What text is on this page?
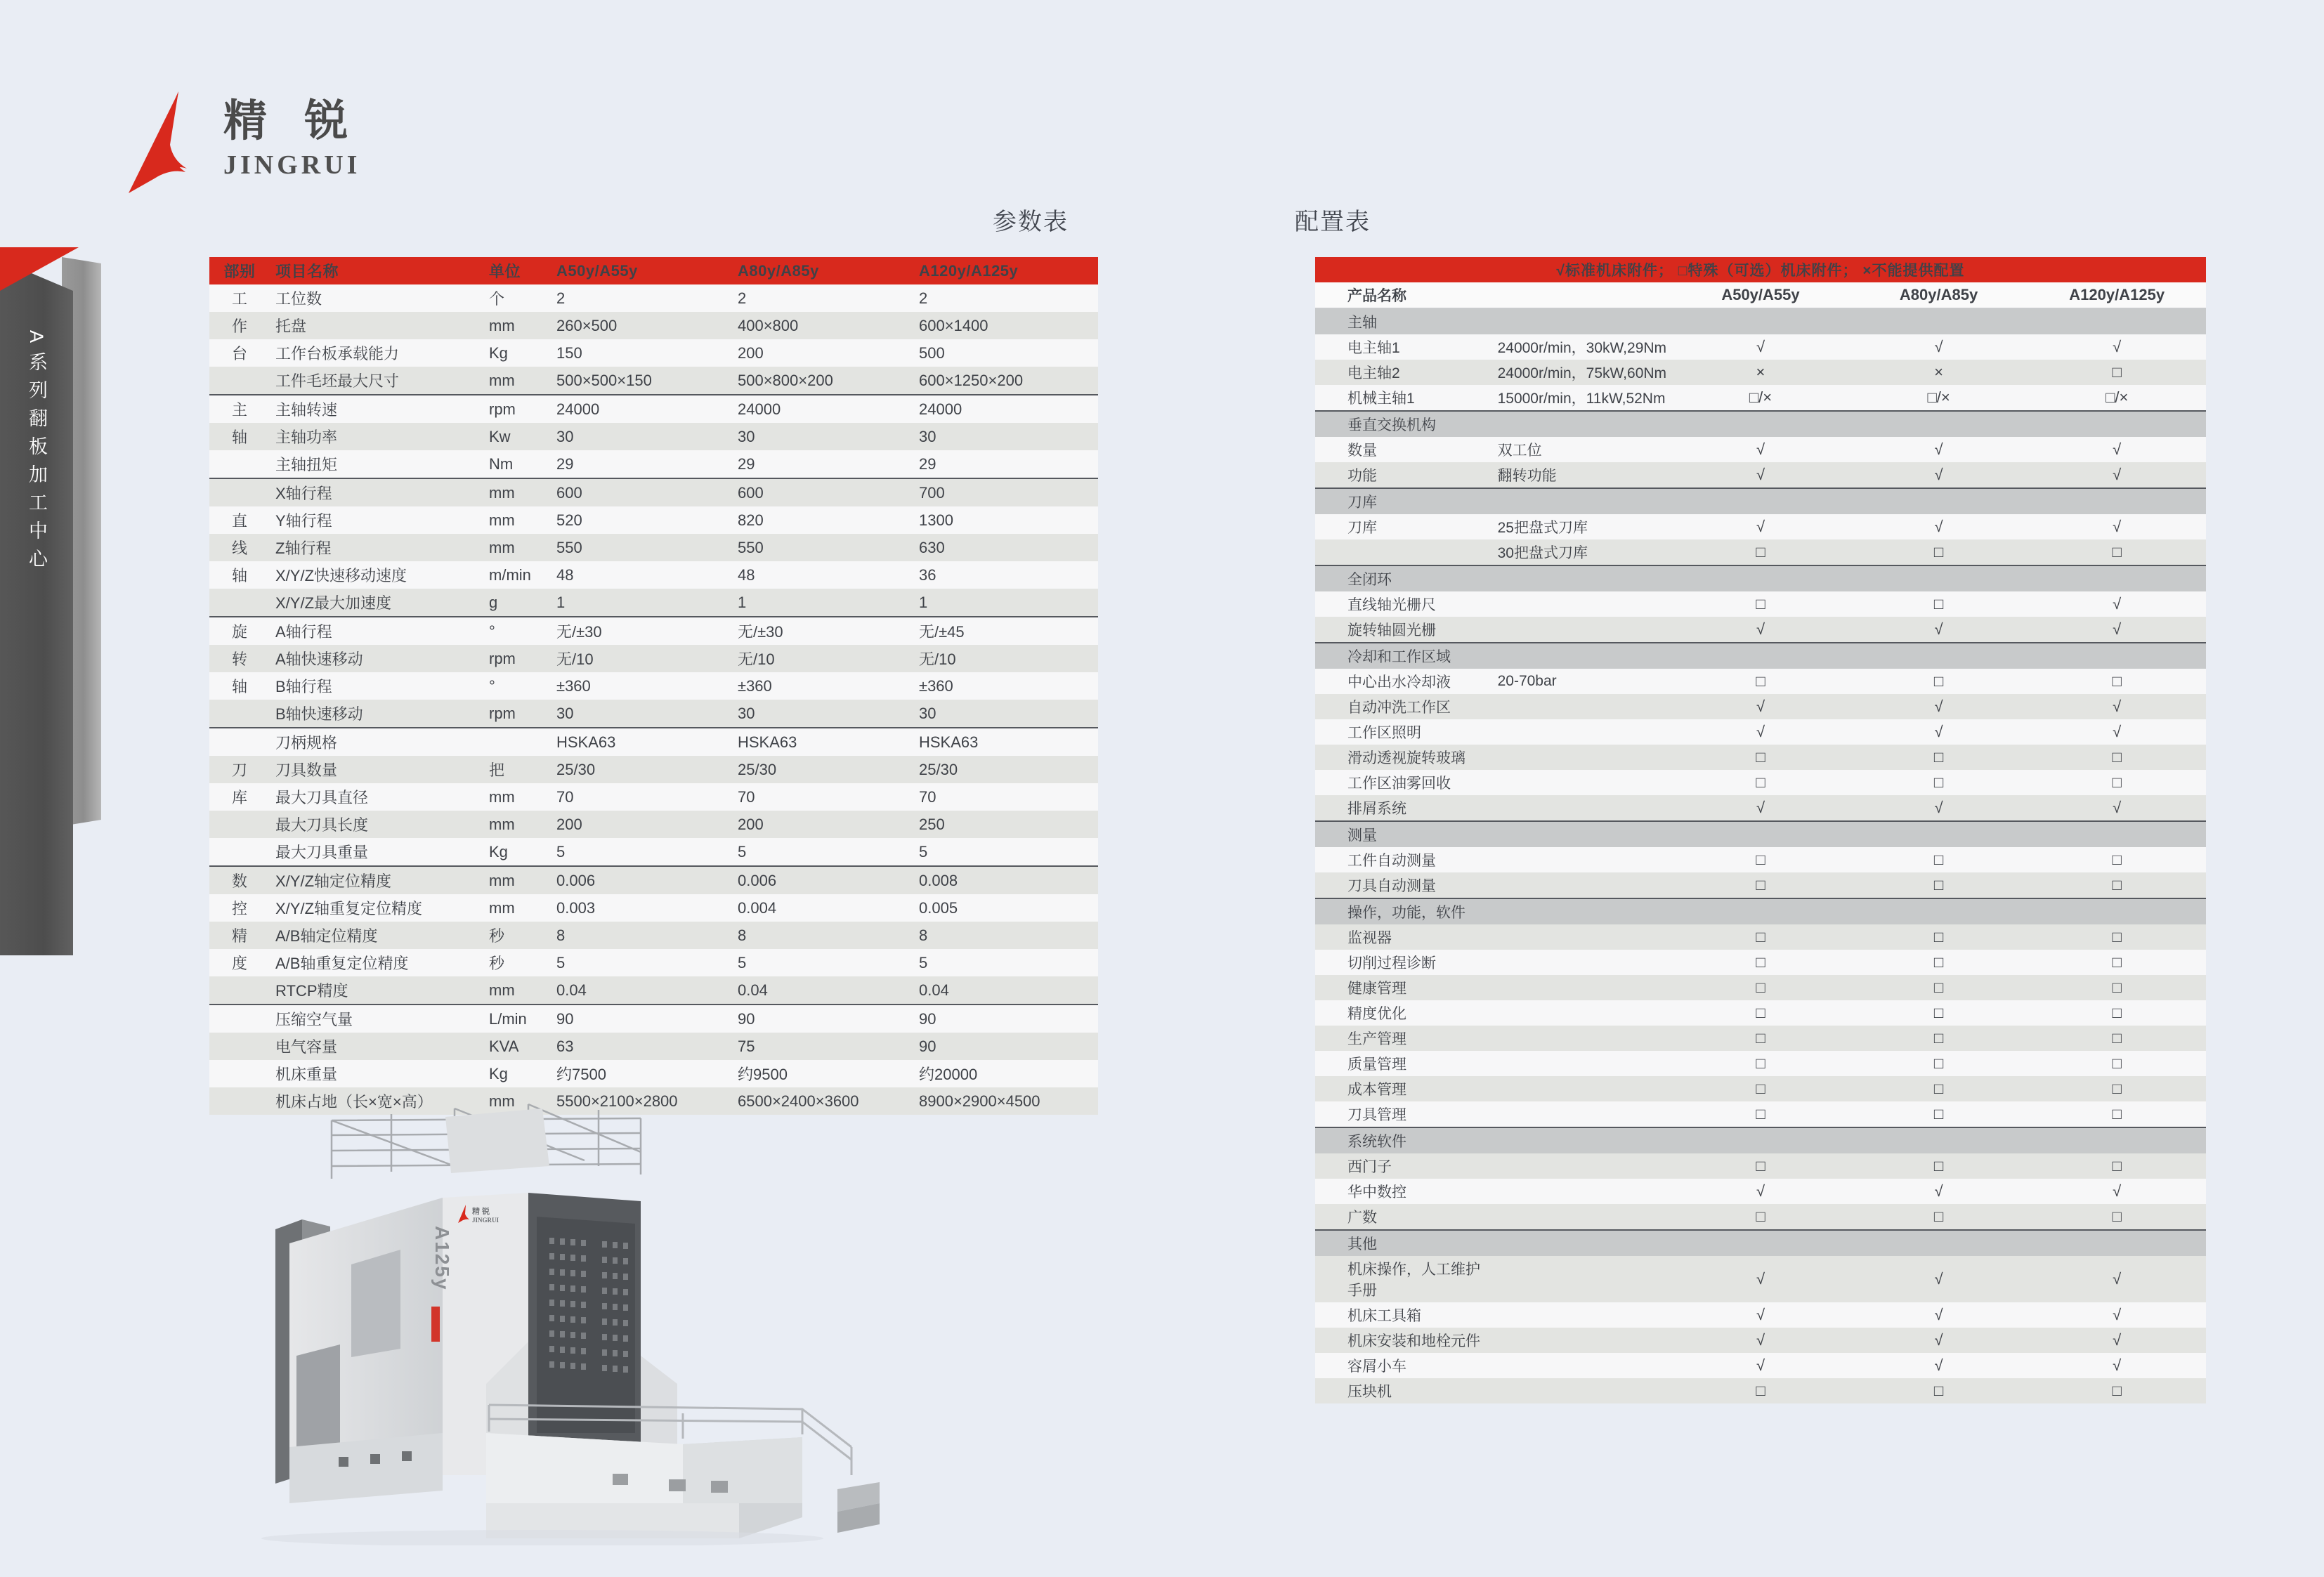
A系列翻板加工中心
精 锐
JINGRUI
参数表	配置表
部别	项目名称	单位	A50y/A55y	A80y/A85y	A120y/A125y
工	工位数	个	2	2	2
作	托盘	mm	260×500	400×800	600×1400
台	工作台板承载能力	Kg	150	200	500
	工件毛坯最大尺寸	mm	500×500×150	500×800×200	600×1250×200
主	主轴转速	rpm	24000	24000	24000
轴	主轴功率	Kw	30	30	30
	主轴扭矩	Nm	29	29	29
	X轴行程	mm	600	600	700
直	Y轴行程	mm	520	820	1300
线	Z轴行程	mm	550	550	630
轴	X/Y/Z快速移动速度	m/min	48	48	36
	X/Y/Z最大加速度	g	1	1	1
旋	A轴行程	°	无/±30	无/±30	无/±45
转	A轴快速移动	rpm	无/10	无/10	无/10
轴	B轴行程	°	±360	±360	±360
	B轴快速移动	rpm	30	30	30
	刀柄规格		HSKA63	HSKA63	HSKA63
刀	刀具数量	把	25/30	25/30	25/30
库	最大刀具直径	mm	70	70	70
	最大刀具长度	mm	200	200	250
	最大刀具重量	Kg	5	5	5
数	X/Y/Z轴定位精度	mm	0.006	0.006	0.008
控	X/Y/Z轴重复定位精度	mm	0.003	0.004	0.005
精	A/B轴定位精度	秒	8	8	8
度	A/B轴重复定位精度	秒	5	5	5
	RTCP精度	mm	0.04	0.04	0.04
	压缩空气量	L/min	90	90	90
	电气容量	KVA	63	75	90
	机床重量	Kg	约7500	约9500	约20000
	机床占地（长×宽×高）	mm	5500×2100×2800	6500×2400×3600	8900×2900×4500
√标准机床附件； □特殊（可选）机床附件； ×不能提供配置				
产品名称		A50y/A55y	A80y/A85y	A120y/A125y
主轴				
电主轴1	24000r/min，30kW,29Nm	√	√	√
电主轴2	24000r/min，75kW,60Nm	×	×	□
机械主轴1	15000r/min，11kW,52Nm	□/×	□/×	□/×
垂直交换机构				
数量	双工位	√	√	√
功能	翻转功能	√	√	√
刀库				
刀库	25把盘式刀库	√	√	√
	30把盘式刀库	□	□	□
全闭环				
直线轴光栅尺		□	□	√
旋转轴圆光栅		√	√	√
冷却和工作区域				
中心出水冷却液	20-70bar	□	□	□
自动冲洗工作区		√	√	√
工作区照明		√	√	√
滑动透视旋转玻璃		□	□	□
工作区油雾回收		□	□	□
排屑系统		√	√	√
测量				
工件自动测量		□	□	□
刀具自动测量		□	□	□
操作，功能，软件				
监视器		□	□	□
切削过程诊断		□	□	□
健康管理		□	□	□
精度优化		□	□	□
生产管理		□	□	□
质量管理		□	□	□
成本管理		□	□	□
刀具管理		□	□	□
系统软件				
西门子		□	□	□
华中数控		√	√	√
广数		□	□	□
其他				
机床操作，人工维护手册		√	√	√
机床工具箱		√	√	√
机床安装和地栓元件		√	√	√
容屑小车		√	√	√
压块机		□	□	□
A125y
精 锐
JINGRUI
